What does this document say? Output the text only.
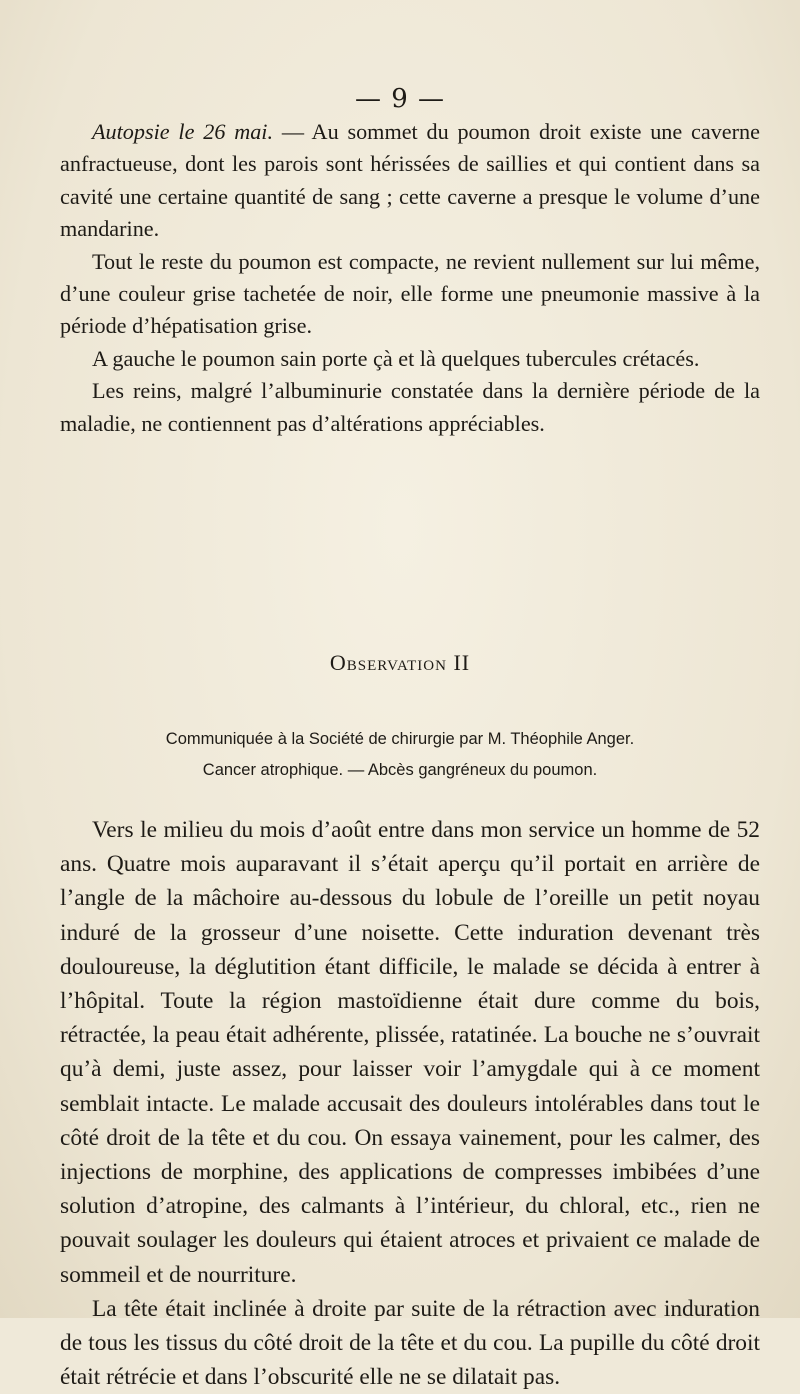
— 9 —

Autopsie le 26 mai. — Au sommet du poumon droit existe une caverne anfractueuse, dont les parois sont hérissées de saillies et qui contient dans sa cavité une certaine quantité de sang ; cette caverne a presque le volume d’une mandarine.

Tout le reste du poumon est compacte, ne revient nullement sur lui même, d’une couleur grise tachetée de noir, elle forme une pneumonie massive à la période d’hépatisation grise.

A gauche le poumon sain porte çà et là quelques tubercules crétacés.

Les reins, malgré l’albuminurie constatée dans la dernière période de la maladie, ne contiennent pas d’altérations appréciables.

Observation II
Communiquée à la Société de chirurgie par M. Théophile Anger.
Cancer atrophique. — Abcès gangréneux du poumon.

Vers le milieu du mois d’août entre dans mon service un homme de 52 ans. Quatre mois auparavant il s’était aperçu qu’il portait en arrière de l’angle de la mâchoire au-dessous du lobule de l’oreille un petit noyau induré de la grosseur d’une noisette. Cette induration devenant très douloureuse, la déglutition étant difficile, le malade se décida à entrer à l’hôpital. Toute la région mastoïdienne était dure comme du bois, rétractée, la peau était adhérente, plissée, ratatinée. La bouche ne s’ouvrait qu’à demi, juste assez, pour laisser voir l’amygdale qui à ce moment semblait intacte. Le malade accusait des douleurs intolérables dans tout le côté droit de la tête et du cou. On essaya vainement, pour les calmer, des injections de morphine, des applications de compresses imbibées d’une solution d’atropine, des calmants à l’intérieur, du chloral, etc., rien ne pouvait soulager les douleurs qui étaient atroces et privaient ce malade de sommeil et de nourriture.

La tête était inclinée à droite par suite de la rétraction avec induration de tous les tissus du côté droit de la tête et du cou. La pupille du côté droit était rétrécie et dans l’obscurité elle ne se dilatait pas.
